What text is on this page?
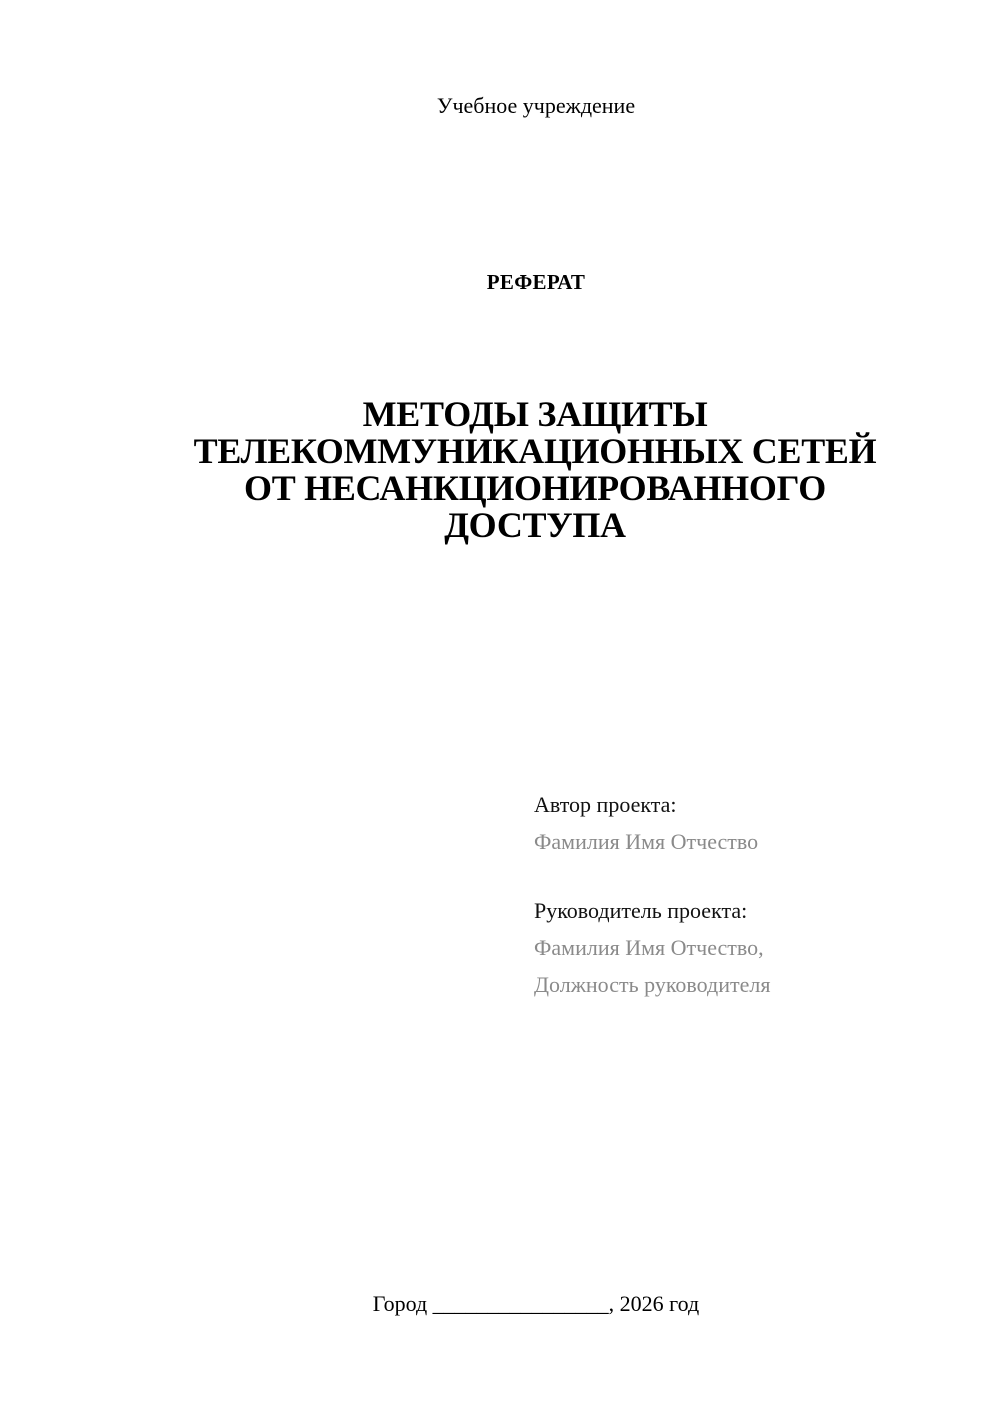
Учебное учреждение
РЕФЕРАТ
МЕТОДЫ ЗАЩИТЫ
ТЕЛЕКОММУНИКАЦИОННЫХ СЕТЕЙ
ОТ НЕСАНКЦИОНИРОВАННОГО
ДОСТУПА
Автор проекта:
Фамилия Имя Отчество
Руководитель проекта:
Фамилия Имя Отчество,
Должность руководителя
Город ________________, 2026 год
